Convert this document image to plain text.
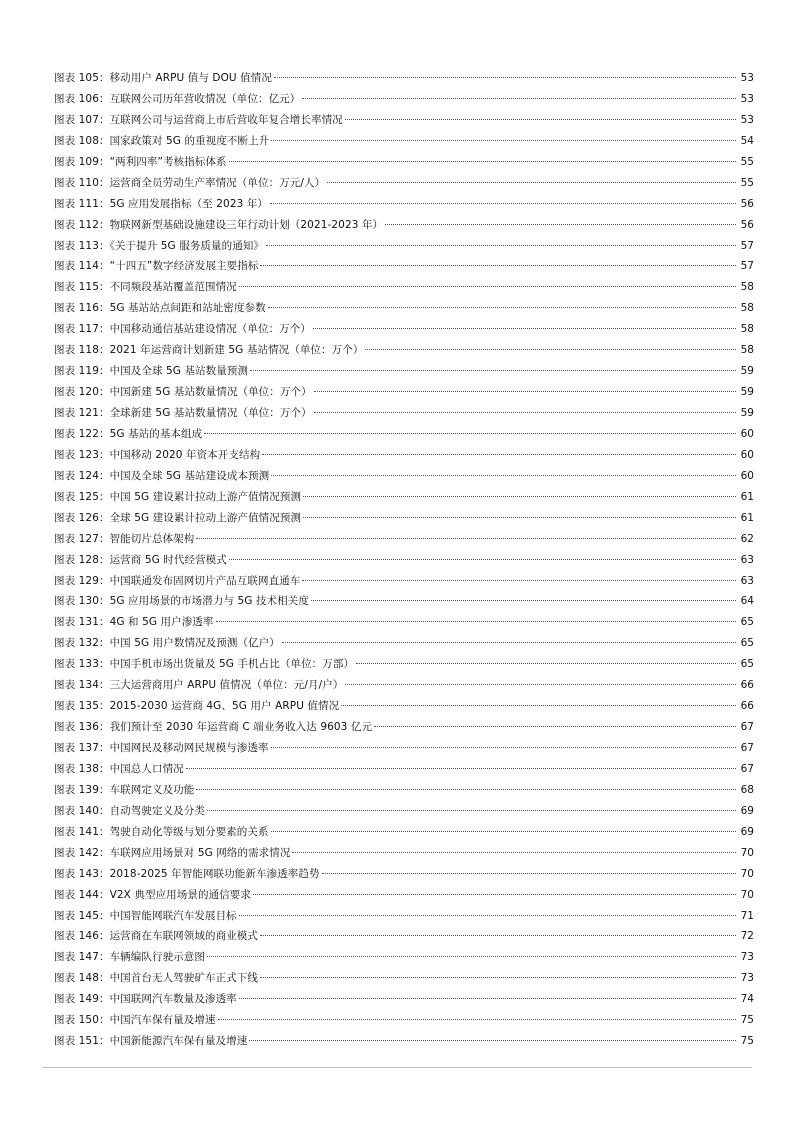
图表 105：移动用户 ARPU 值与 DOU 值情况	53
图表 106：互联网公司历年营收情况（单位：亿元）	53
图表 107：互联网公司与运营商上市后营收年复合增长率情况	53
图表 108：国家政策对 5G 的重视度不断上升	54
图表 109：“两利四率”考核指标体系	55
图表 110：运营商全员劳动生产率情况（单位：万元/人）	55
图表 111：5G 应用发展指标（至 2023 年）	56
图表 112：物联网新型基础设施建设三年行动计划（2021-2023 年）	56
图表 113：《关于提升 5G 服务质量的通知》	57
图表 114：“十四五”数字经济发展主要指标	57
图表 115：不同频段基站覆盖范围情况	58
图表 116：5G 基站站点间距和站址密度参数	58
图表 117：中国移动通信基站建设情况（单位：万个）	58
图表 118：2021 年运营商计划新建 5G 基站情况（单位：万个）	58
图表 119：中国及全球 5G 基站数量预测	59
图表 120：中国新建 5G 基站数量情况（单位：万个）	59
图表 121：全球新建 5G 基站数量情况（单位：万个）	59
图表 122：5G 基站的基本组成	60
图表 123：中国移动 2020 年资本开支结构	60
图表 124：中国及全球 5G 基站建设成本预测	60
图表 125：中国 5G 建设累计拉动上游产值情况预测	61
图表 126：全球 5G 建设累计拉动上游产值情况预测	61
图表 127：智能切片总体架构	62
图表 128：运营商 5G 时代经营模式	63
图表 129：中国联通发布固网切片产品互联网直通车	63
图表 130：5G 应用场景的市场潜力与 5G 技术相关度	64
图表 131：4G 和 5G 用户渗透率	65
图表 132：中国 5G 用户数情况及预测（亿户）	65
图表 133：中国手机市场出货量及 5G 手机占比（单位：万部）	65
图表 134：三大运营商用户 ARPU 值情况（单位：元/月/户）	66
图表 135：2015-2030 运营商 4G、5G 用户 ARPU 值情况	66
图表 136：我们预计至 2030 年运营商 C 端业务收入达 9603 亿元	67
图表 137：中国网民及移动网民规模与渗透率	67
图表 138：中国总人口情况	67
图表 139：车联网定义及功能	68
图表 140：自动驾驶定义及分类	69
图表 141：驾驶自动化等级与划分要素的关系	69
图表 142：车联网应用场景对 5G 网络的需求情况	70
图表 143：2018-2025 年智能网联功能新车渗透率趋势	70
图表 144：V2X 典型应用场景的通信要求	70
图表 145：中国智能网联汽车发展目标	71
图表 146：运营商在车联网领域的商业模式	72
图表 147：车辆编队行驶示意图	73
图表 148：中国首台无人驾驶矿车正式下线	73
图表 149：中国联网汽车数量及渗透率	74
图表 150：中国汽车保有量及增速	75
图表 151：中国新能源汽车保有量及增速	75
